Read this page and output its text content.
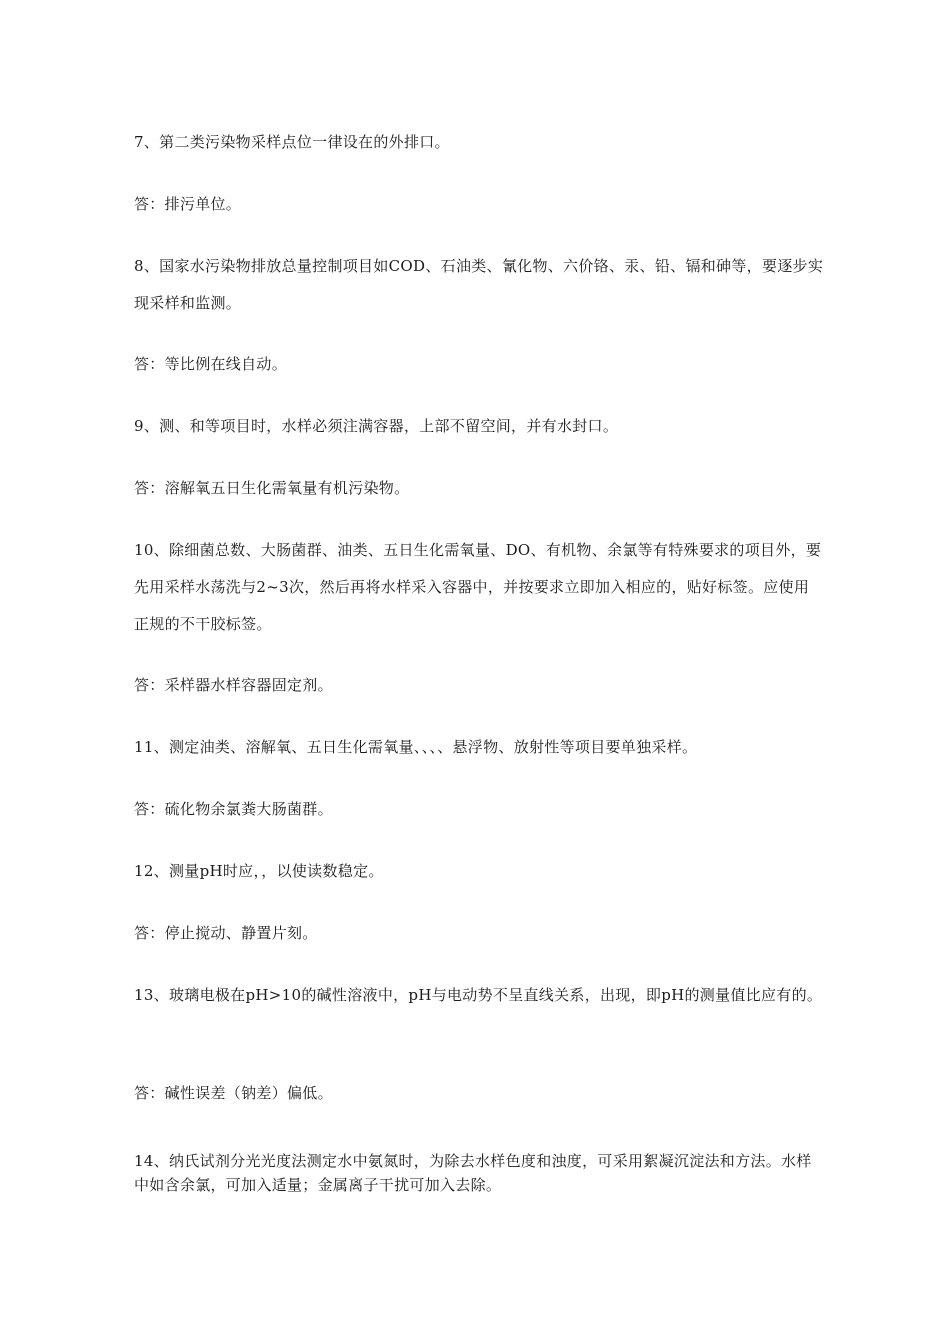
7、第二类污染物采样点位一律设在的外排口。
答：排污单位。
8、国家水污染物排放总量控制项目如COD、石油类、氰化物、六价铬、汞、铅、镉和砷等，要逐步实现采样和监测。
答：等比例在线自动。
9、测、和等项目时，水样必须注满容器，上部不留空间，并有水封口。
答：溶解氧五日生化需氧量有机污染物。
10、除细菌总数、大肠菌群、油类、五日生化需氧量、DO、有机物、余氯等有特殊要求的项目外，要先用采样水荡洗与2~3次，然后再将水样采入容器中，并按要求立即加入相应的，贴好标签。应使用正规的不干胶标签。
答：采样器水样容器固定剂。
11、测定油类、溶解氧、五日生化需氧量、、、、悬浮物、放射性等项目要单独采样。
答：硫化物余氯粪大肠菌群。
12、测量pH时应，，以使读数稳定。
答：停止搅动、静置片刻。
13、玻璃电极在pH>10的碱性溶液中，pH与电动势不呈直线关系，出现，即pH的测量值比应有的。
答：碱性误差（钠差）偏低。
14、纳氏试剂分光光度法测定水中氨氮时，为除去水样色度和浊度，可采用絮凝沉淀法和方法。水样中如含余氯，可加入适量；金属离子干扰可加入去除。
